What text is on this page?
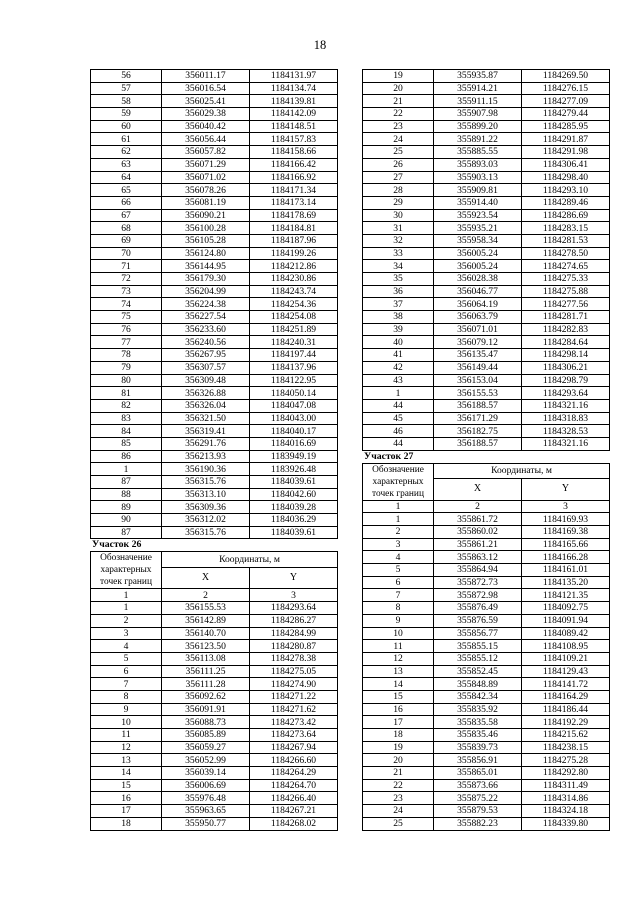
18
56	356011.17	1184131.97
57	356016.54	1184134.74
58	356025.41	1184139.81
59	356029.38	1184142.09
60	356040.42	1184148.51
61	356056.44	1184157.83
62	356057.82	1184158.66
63	356071.29	1184166.42
64	356071.02	1184166.92
65	356078.26	1184171.34
66	356081.19	1184173.14
67	356090.21	1184178.69
68	356100.28	1184184.81
69	356105.28	1184187.96
70	356124.80	1184199.26
71	356144.95	1184212.86
72	356179.30	1184230.86
73	356204.99	1184243.74
74	356224.38	1184254.36
75	356227.54	1184254.08
76	356233.60	1184251.89
77	356240.56	1184240.31
78	356267.95	1184197.44
79	356307.57	1184137.96
80	356309.48	1184122.95
81	356326.88	1184050.14
82	356326.04	1184047.08
83	356321.50	1184043.00
84	356319.41	1184040.17
85	356291.76	1184016.69
86	356213.93	1183949.19
1	356190.36	1183926.48
87	356315.76	1184039.61
88	356313.10	1184042.60
89	356309.36	1184039.28
90	356312.02	1184036.29
87	356315.76	1184039.61
Участок 26
Обозначение характерных точек границ	Координаты, м	
	X	Y
1	2	3
1	356155.53	1184293.64
2	356142.89	1184286.27
3	356140.70	1184284.99
4	356123.50	1184280.87
5	356113.08	1184278.38
6	356111.25	1184275.05
7	356111.28	1184274.90
8	356092.62	1184271.22
9	356091.91	1184271.62
10	356088.73	1184273.42
11	356085.89	1184273.64
12	356059.27	1184267.94
13	356052.99	1184266.60
14	356039.14	1184264.29
15	356006.69	1184264.70
16	355976.48	1184266.40
17	355963.65	1184267.21
18	355950.77	1184268.02
19	355935.87	1184269.50
20	355914.21	1184276.15
21	355911.15	1184277.09
22	355907.98	1184279.44
23	355899.20	1184285.95
24	355891.22	1184291.87
25	355885.55	1184291.98
26	355893.03	1184306.41
27	355903.13	1184298.40
28	355909.81	1184293.10
29	355914.40	1184289.46
30	355923.54	1184286.69
31	355935.21	1184283.15
32	355958.34	1184281.53
33	356005.24	1184278.50
34	356005.24	1184274.65
35	356028.38	1184275.33
36	356046.77	1184275.88
37	356064.19	1184277.56
38	356063.79	1184281.71
39	356071.01	1184282.83
40	356079.12	1184284.64
41	356135.47	1184298.14
42	356149.44	1184306.21
43	356153.04	1184298.79
1	356155.53	1184293.64
44	356188.57	1184321.16
45	356171.29	1184318.83
46	356182.75	1184328.53
44	356188.57	1184321.16
Участок 27
Обозначение характерных точек границ	Координаты, м	
	X	Y
1	2	3
1	355861.72	1184169.93
2	355860.02	1184169.38
3	355861.21	1184165.66
4	355863.12	1184166.28
5	355864.94	1184161.01
6	355872.73	1184135.20
7	355872.98	1184121.35
8	355876.49	1184092.75
9	355876.59	1184091.94
10	355856.77	1184089.42
11	355855.15	1184108.95
12	355855.12	1184109.21
13	355852.45	1184129.43
14	355848.89	1184141.72
15	355842.34	1184164.29
16	355835.92	1184186.44
17	355835.58	1184192.29
18	355835.46	1184215.62
19	355839.73	1184238.15
20	355856.91	1184275.28
21	355865.01	1184292.80
22	355873.66	1184311.49
23	355875.22	1184314.86
24	355879.53	1184324.18
25	355882.23	1184339.80
